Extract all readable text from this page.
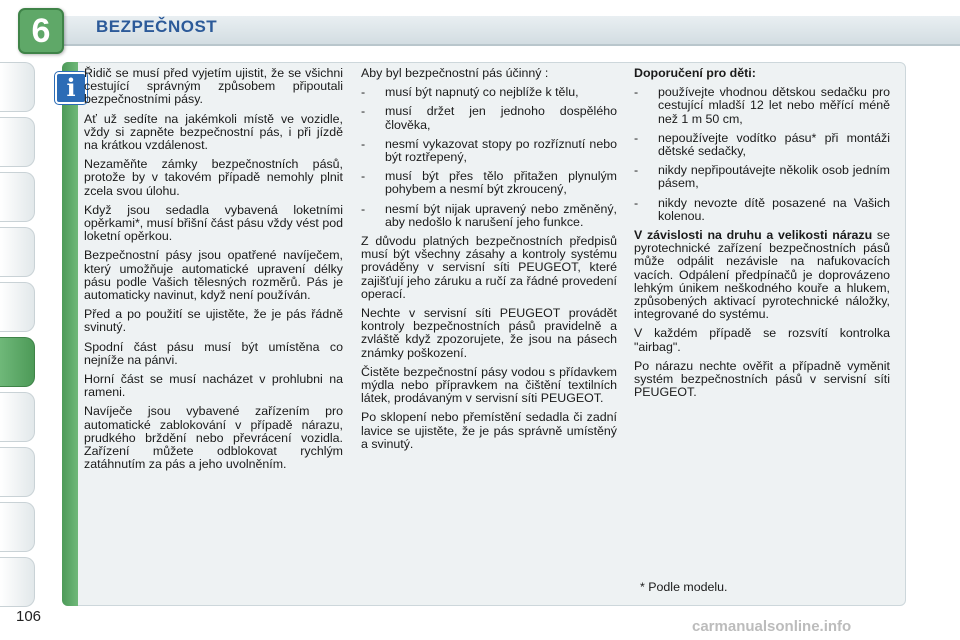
6	BEZPEČNOST
i Řidič se musí před vyjetím ujistit, že se všichni cestující správným způsobem připoutali bezpečnostními pásy.

Ať už sedíte na jakémkoli místě ve vozidle, vždy si zapněte bezpečnostní pás, i při jízdě na krátkou vzdálenost.

Nezaměňte zámky bezpečnostních pásů, protože by v takovém případě nemohly plnit zcela svou úlohu.

Když jsou sedadla vybavená loketními opěrkami*, musí břišní část pásu vždy vést pod loketní opěrkou.

Bezpečnostní pásy jsou opatřené navíječem, který umožňuje automatické upravení délky pásu podle Vašich tělesných rozměrů. Pás je automaticky navinut, když není používán.

Před a po použití se ujistěte, že je pás řádně svinutý.

Spodní část pásu musí být umístěna co nejníže na pánvi.

Horní část se musí nacházet v prohlubni na rameni.

Navíječe jsou vybavené zařízením pro automatické zablokování v případě nárazu, prudkého brždění nebo převrácení vozidla. Zařízení můžete odblokovat rychlým zatáhnutím za pás a jeho uvolněním.

Aby byl bezpečnostní pás účinný :

- musí být napnutý co nejblíže k tělu,
- musí držet jen jednoho dospělého člověka,
- nesmí vykazovat stopy po rozříznutí nebo být roztřepený,
- musí být přes tělo přitažen plynulým pohybem a nesmí být zkroucený,
- nesmí být nijak upravený nebo změněný, aby nedošlo k narušení jeho funkce.

Z důvodu platných bezpečnostních předpisů musí být všechny zásahy a kontroly systému prováděny v servisní síti PEUGEOT, které zajišťují jeho záruku a ručí za řádné provedení operací.

Nechte v servisní síti PEUGEOT provádět kontroly bezpečnostních pásů pravidelně a zvláště když zpozorujete, že jsou na pásech známky poškození.

Čistěte bezpečnostní pásy vodou s přídavkem mýdla nebo přípravkem na čištění textilních látek, prodávaným v servisní síti PEUGEOT.

Po sklopení nebo přemístění sedadla či zadní lavice se ujistěte, že je pás správně umístěný a svinutý.

Doporučení pro děti:

- používejte vhodnou dětskou sedačku pro cestující mladší 12 let nebo měřící méně než 1 m 50 cm,
- nepoužívejte vodítko pásu* při montáži dětské sedačky,
- nikdy nepřipoutávejte několik osob jedním pásem,
- nikdy nevozte dítě posazené na Vašich kolenou.

V závislosti na druhu a velikosti nárazu se pyrotechnické zařízení bezpečnostních pásů může odpálit nezávisle na nafukovacích vacích. Odpálení předpínačů je doprovázeno lehkým únikem neškodného kouře a hlukem, způsobených aktivací pyrotechnické náložky, integrované do systému.

V každém případě se rozsvítí kontrolka "airbag".

Po nárazu nechte ověřit a případně vyměnit systém bezpečnostních pásů v servisní síti PEUGEOT.

* Podle modelu.
106
carmanualsonline.info
